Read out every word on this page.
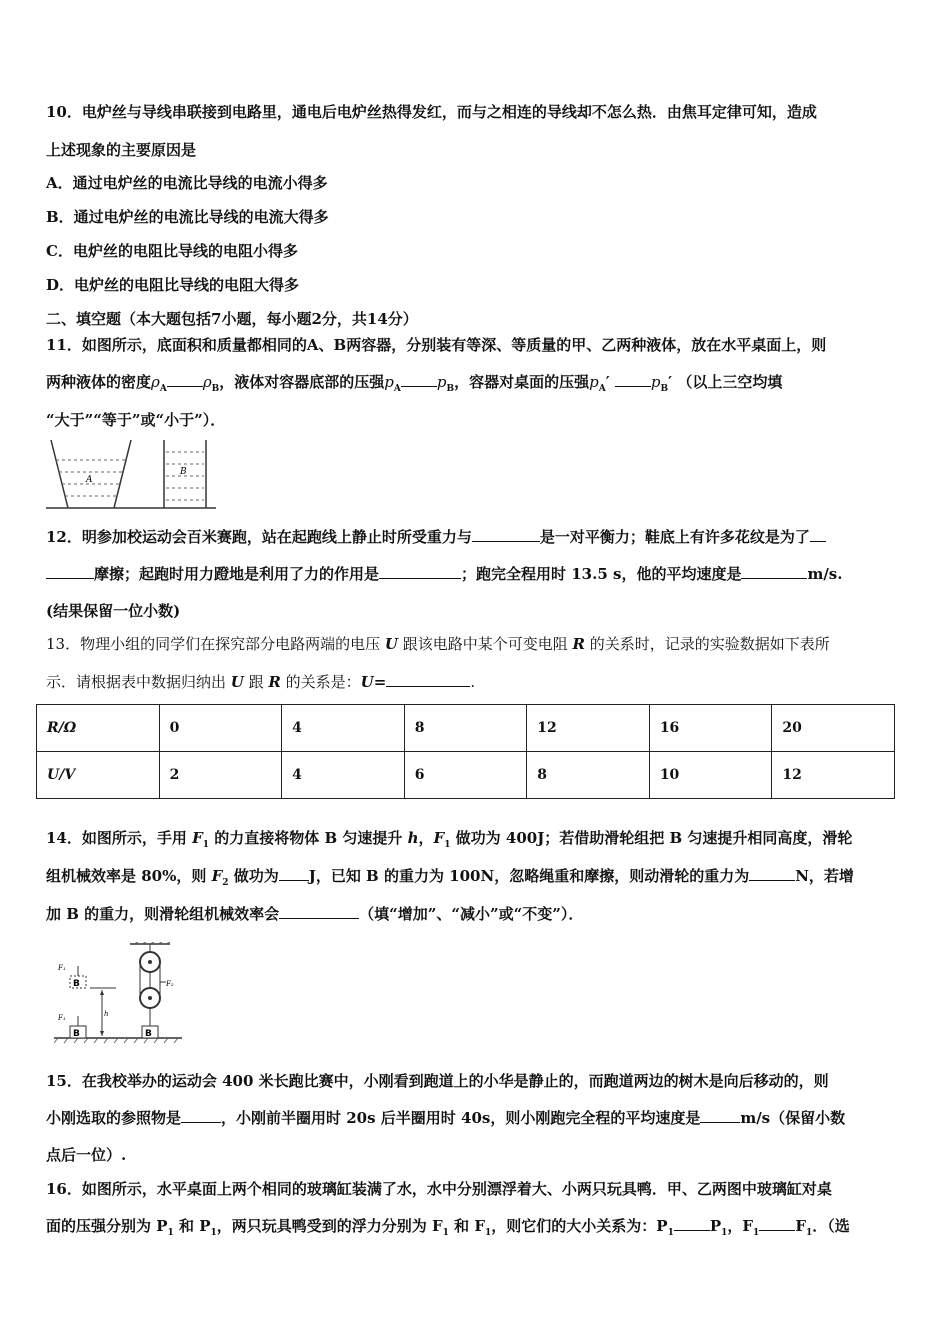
10．电炉丝与导线串联接到电路里，通电后电炉丝热得发红，而与之相连的导线却不怎么热．由焦耳定律可知，造成
上述现象的主要原因是
A．通过电炉丝的电流比导线的电流小得多
B．通过电炉丝的电流比导线的电流大得多
C．电炉丝的电阻比导线的电阻小得多
D．电炉丝的电阻比导线的电阻大得多
二、填空题（本大题包括7小题，每小题2分，共14分）
11．如图所示，底面积和质量都相同的A、B两容器，分别装有等深、等质量的甲、乙两种液体，放在水平桌面上，则
两种液体的密度$\rho_A$ $\rho_B$，液体对容器底部的压强$p_A$ $p_B$，容器对桌面的压强$p_A'$	$p_B'$ （以上三空均填
“大于”“等于”或“小于”）．
A
B
12．明参加校运动会百米赛跑，站在起跑线上静止时所受重力与	是一对平衡力；鞋底上有许多花纹是为了
摩擦；起跑时用力蹬地是利用了力的作用是	；跑完全程用时 13.5 s，他的平均速度是	m/s.
(结果保留一位小数)
13．物理小组的同学们在探究部分电路两端的电压 U 跟该电路中某个可变电阻 R 的关系时，记录的实验数据如下表所
示．请根据表中数据归纳出 U 跟 R 的关系是：U=	.
R/Ω	0	4	8	12	16	20
U/V	2	4	6	8	10	12
14．如图所示，手用 $F_1$ 的力直接将物体 B 匀速提升 h，$F_1$ 做功为 400J；若借助滑轮组把 B 匀速提升相同高度，滑轮
组机械效率是 80%，则 $F_2$ 做功为 J，已知 B 的重力为 100N，忽略绳重和摩擦，则动滑轮的重力为	N，若增
加 B 的重力，则滑轮组机械效率会	（填“增加”、“减小”或“不变”）．
B
F₁
B
F₁	h
F₂
B
15．在我校举办的运动会 400 米长跑比赛中，小刚看到跑道上的小华是静止的，而跑道两边的树木是向后移动的，则
小刚选取的参照物是	，小刚前半圈用时 20s 后半圈用时 40s，则小刚跑完全程的平均速度是	m/s（保留小数
点后一位）.
16．如图所示，水平桌面上两个相同的玻璃缸装满了水，水中分别漂浮着大、小两只玩具鸭．甲、乙两图中玻璃缸对桌
面的压强分别为 $P_1$ 和 $P_1$，两只玩具鸭受到的浮力分别为 $F_1$ 和 $F_1$，则它们的大小关系为：$P_1$ $P_1$，$F_1$ $F_1$．（选
